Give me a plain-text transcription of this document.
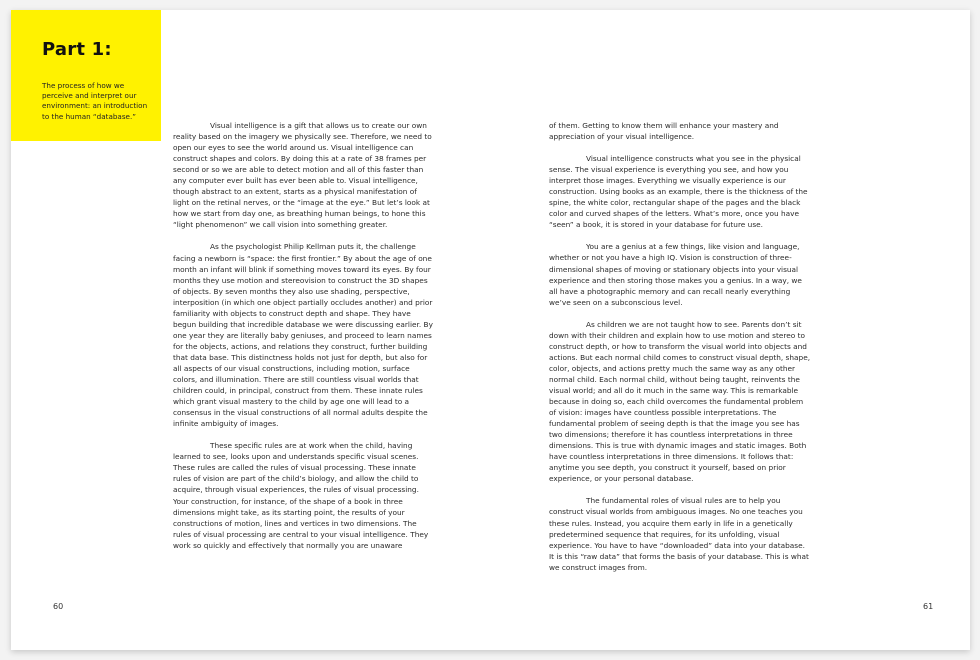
Part 1:
The process of how we perceive and interpret our environment: an introduction to the human “database.”

Visual intelligence is a gift that allows us to create our own reality based on the imagery we physically see. Therefore, we need to open our eyes to see the world around us. Visual intelligence can construct shapes and colors. By doing this at a rate of 38 frames per second or so we are able to detect motion and all of this faster than any computer ever built has ever been able to. Visual intelligence, though abstract to an extent, starts as a physical manifestation of light on the retinal nerves, or the “image at the eye.” But let’s look at how we start from day one, as breathing human beings, to hone this “light phenomenon” we call vision into something greater.

As the psychologist Philip Kellman puts it, the challenge facing a newborn is “space: the first frontier.” By about the age of one month an infant will blink if something moves toward its eyes. By four months they use motion and stereovision to construct the 3D shapes of objects. By seven months they also use shading, perspective, interposition (in which one object partially occludes another) and prior familiarity with objects to construct depth and shape. They have begun building that incredible database we were discussing earlier. By one year they are literally baby geniuses, and proceed to learn names for the objects, actions, and relations they construct, further building that data base. This distinctness holds not just for depth, but also for all aspects of our visual constructions, including motion, surface colors, and illumination. There are still countless visual worlds that children could, in principal, construct from them. These innate rules which grant visual mastery to the child by age one will lead to a consensus in the visual constructions of all normal adults despite the infinite ambiguity of images.

These specific rules are at work when the child, having learned to see, looks upon and understands specific visual scenes. These rules are called the rules of visual processing. These innate rules of vision are part of the child’s biology, and allow the child to acquire, through visual experiences, the rules of visual processing. Your construction, for instance, of the shape of a book in three dimensions might take, as its starting point, the results of your constructions of motion, lines and vertices in two dimensions. The rules of visual processing are central to your visual intelligence. They work so quickly and effectively that normally you are unaware

of them. Getting to know them will enhance your mastery and appreciation of your visual intelligence.

Visual intelligence constructs what you see in the physical sense. The visual experience is everything you see, and how you interpret those images. Everything we visually experience is our construction. Using books as an example, there is the thickness of the spine, the white color, rectangular shape of the pages and the black color and curved shapes of the letters. What’s more, once you have “seen” a book, it is stored in your database for future use.

You are a genius at a few things, like vision and language, whether or not you have a high IQ. Vision is construction of three-dimensional shapes of moving or stationary objects into your visual experience and then storing those makes you a genius. In a way, we all have a photographic memory and can recall nearly everything we’ve seen on a subconscious level.

As children we are not taught how to see. Parents don’t sit down with their children and explain how to use motion and stereo to construct depth, or how to transform the visual world into objects and actions. But each normal child comes to construct visual depth, shape, color, objects, and actions pretty much the same way as any other normal child. Each normal child, without being taught, reinvents the visual world; and all do it much in the same way. This is remarkable because in doing so, each child overcomes the fundamental problem of vision: images have countless possible interpretations. The fundamental problem of seeing depth is that the image you see has two dimensions; therefore it has countless interpretations in three dimensions. This is true with dynamic images and static images. Both have countless interpretations in three dimensions. It follows that: anytime you see depth, you construct it yourself, based on prior experience, or your personal database.

The fundamental roles of visual rules are to help you construct visual worlds from ambiguous images. No one teaches you these rules. Instead, you acquire them early in life in a genetically predetermined sequence that requires, for its unfolding, visual experience. You have to have “downloaded” data into your database. It is this “raw data” that forms the basis of your database. This is what we construct images from.

60	61
